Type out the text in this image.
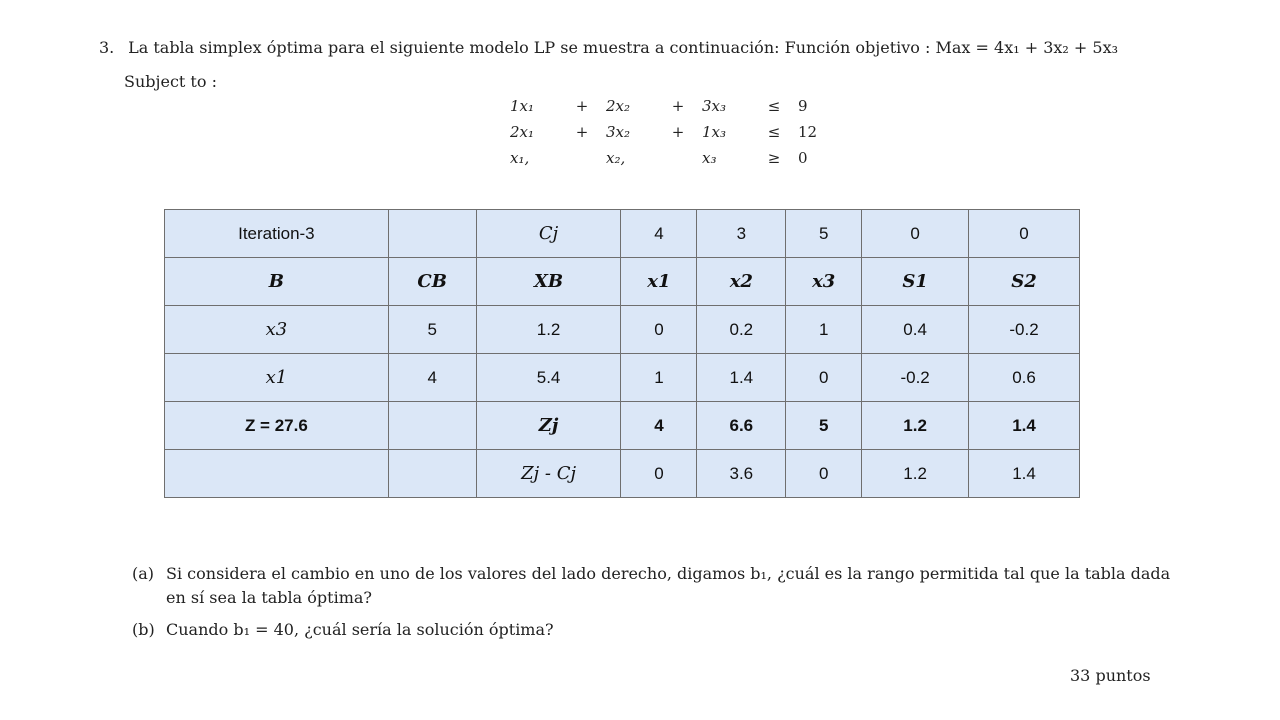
3. La tabla simplex óptima para el siguiente modelo LP se muestra a continuación: Función objetivo : Max = 4x₁ + 3x₂ + 5x₃
Subject to :
1x₁	+	2x₂	+	3x₃	≤	9
2x₁	+	3x₂	+	1x₃	≤	12
x₁,		x₂,		x₃	≥	0
Iteration-3		Cj	4	3	5	0	0
B	CB	XB	x1	x2	x3	S1	S2
x3	5	1.2	0	0.2	1	0.4	-0.2
x1	4	5.4	1	1.4	0	-0.2	0.6
Z = 27.6		Zj	4	6.6	5	1.2	1.4
		Zj - Cj	0	3.6	0	1.2	1.4
(a) Si considera el cambio en uno de los valores del lado derecho, digamos b₁, ¿cuál es la rango permitida tal que la tabla dada en sí sea la tabla óptima?
(b) Cuando b₁ = 40, ¿cuál sería la solución óptima?
33 puntos
